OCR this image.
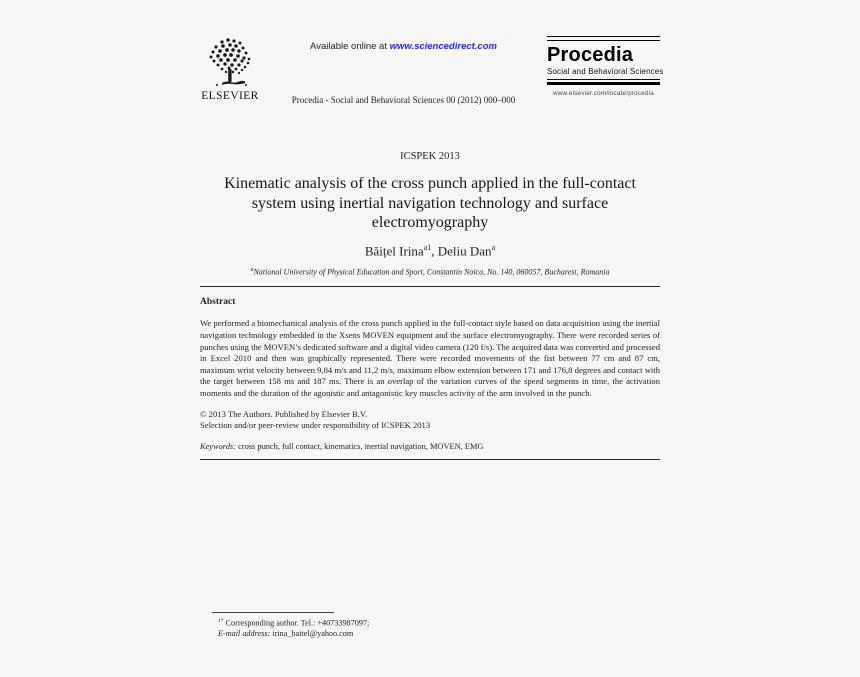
ELSEVIER
Available online at www.sciencedirect.com
Procedia - Social and Behavioral Sciences 00 (2012) 000–000
Procedia
Social and Behavioral Sciences
www.elsevier.com/locate/procedia
ICSPEK 2013
Kinematic analysis of the cross punch applied in the full-contact system using inertial navigation technology and surface electromyography
Băițel Irina$^{a1}$, Deliu Dan$^a$
$^a$National University of Physical Education and Sport, Constantin Noica, No. 140, 060057, Bucharest, Romania
Abstract

We performed a biomechanical analysis of the cross punch applied in the full-contact style based on data acquisition using the inertial navigation technology embedded in the Xsens MOVEN equipment and the surface electromyography. There were recorded series of punches using the MOVEN’s dedicated software and a digital video camera (120 f/s). The acquired data was converted and processed in Excel 2010 and then was graphically represented. There were recorded movements of the fist between 77 cm and 87 cm, maximum wrist velocity between 9,84 m/s and 11,2 m/s, maximum elbow extension between 171 and 176,8 degrees and contact with the target between 158 ms and 187 ms. There is an overlap of the variation curves of the speed segments in time, the activation moments and the duration of the agonistic and antagonistic key muscles activity of the arm involved in the punch.

© 2013 The Authors. Published by Elsevier B.V.
Selection and/or peer-review under responsibility of ICSPEK 2013
Keywords: cross punch, full contact, kinematics, inertial navigation, MOVEN, EMG
$^{1*}$ Corresponding author. Tel.: +40733987097;
E-mail address: irina_baitel@yahoo.com
